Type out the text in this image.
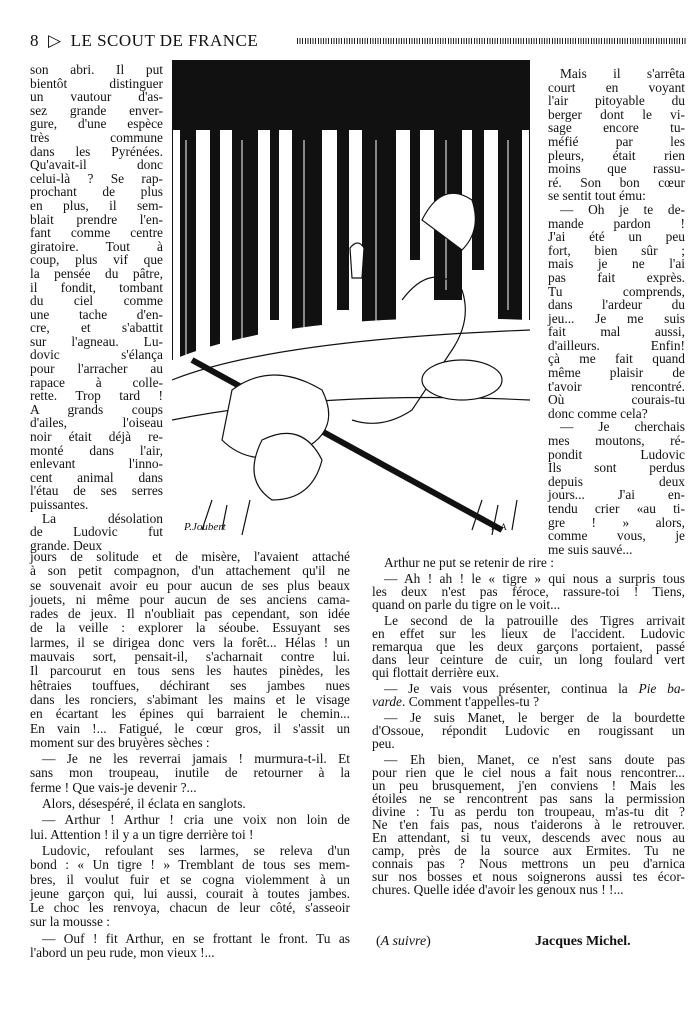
8 ▷ LE SCOUT DE FRANCE
son abri. Il put
bientôt distinguer
un vautour d'as-
sez grande enver-
gure, d'une espèce
très commune
dans les Pyrénées.
Qu'avait-il donc
celui-là ? Se rap-
prochant de plus
en plus, il sem-
blait prendre l'en-
fant comme centre
giratoire. Tout à
coup, plus vif que
la pensée du pâtre,
il fondit, tombant
du ciel comme
une tache d'en-
cre, et s'abattit
sur l'agneau. Lu-
dovic s'élança
pour l'arracher au
rapace à colle-
rette. Trop tard !
A grands coups
d'ailes, l'oiseau
noir était déjà re-
monté dans l'air,
enlevant l'inno-
cent animal dans
l'étau de ses serres
puissantes.
La désolation
de Ludovic fut
grande. Deux
P.Joubert	11 A
Mais il s'arrêta
court en voyant
l'air pitoyable du
berger dont le vi-
sage encore tu-
méfié par les
pleurs, était rien
moins que rassu-
ré. Son bon cœur
se sentit tout ému:
— Oh je te de-
mande pardon !
J'ai été un peu
fort, bien sûr ;
mais je ne l'ai
pas fait exprès.
Tu comprends,
dans l'ardeur du
jeu... Je me suis
fait mal aussi,
d'ailleurs. Enfin!
çà me fait quand
même plaisir de
t'avoir rencontré.
Où courais-tu
donc comme cela?
— Je cherchais
mes moutons, ré-
pondit Ludovic
Ils sont perdus
depuis deux
jours... J'ai en-
tendu crier «au ti-
gre ! » alors,
comme vous, je
me suis sauvé...
jours de solitude et de misère, l'avaient attaché
à son petit compagnon, d'un attachement qu'il ne
se souvenait avoir eu pour aucun de ses plus beaux
jouets, ni même pour aucun de ses anciens cama-
rades de jeux. Il n'oubliait pas cependant, son idée
de la veille : explorer la séoube. Essuyant ses
larmes, il se dirigea donc vers la forêt... Hélas ! un
mauvais sort, pensait-il, s'acharnait contre lui.
Il parcourut en tous sens les hautes pinèdes, les
hêtraies touffues, déchirant ses jambes nues
dans les ronciers, s'abimant les mains et le visage
en écartant les épines qui barraient le chemin...
En vain !... Fatigué, le cœur gros, il s'assit un
moment sur des bruyères sèches :
— Je ne les reverrai jamais ! murmura-t-il. Et
sans mon troupeau, inutile de retourner à la
ferme ! Que vais-je devenir ?...
Alors, désespéré, il éclata en sanglots.
— Arthur ! Arthur ! cria une voix non loin de
lui. Attention ! il y a un tigre derrière toi !
Ludovic, refoulant ses larmes, se releva d'un
bond : « Un tigre ! » Tremblant de tous ses mem-
bres, il voulut fuir et se cogna violemment à un
jeune garçon qui, lui aussi, courait à toutes jambes.
Le choc les renvoya, chacun de leur côté, s'asseoir
sur la mousse :
— Ouf ! fit Arthur, en se frottant le front. Tu as
l'abord un peu rude, mon vieux !...
Arthur ne put se retenir de rire :
— Ah ! ah ! le « tigre » qui nous a surpris tous
les deux n'est pas féroce, rassure-toi ! Tiens,
quand on parle du tigre on le voit...
Le second de la patrouille des Tigres arrivait
en effet sur les lieux de l'accident. Ludovic
remarqua que les deux garçons portaient, passé
dans leur ceinture de cuir, un long foulard vert
qui flottait derrière eux.
— Je vais vous présenter, continua la Pie ba-
varde. Comment t'appelles-tu ?
— Je suis Manet, le berger de la bourdette
d'Ossoue, répondit Ludovic en rougissant un
peu.
— Eh bien, Manet, ce n'est sans doute pas
pour rien que le ciel nous a fait nous rencontrer...
un peu brusquement, j'en conviens ! Mais les
étoiles ne se rencontrent pas sans la permission
divine : Tu as perdu ton troupeau, m'as-tu dit ?
Ne t'en fais pas, nous t'aiderons à le retrouver.
En attendant, si tu veux, descends avec nous au
camp, près de la source aux Ermites. Tu ne
connais pas ? Nous mettrons un peu d'arnica
sur nos bosses et nous soignerons aussi tes écor-
chures. Quelle idée d'avoir les genoux nus ! !...
(A suivre)	Jacques Michel.
